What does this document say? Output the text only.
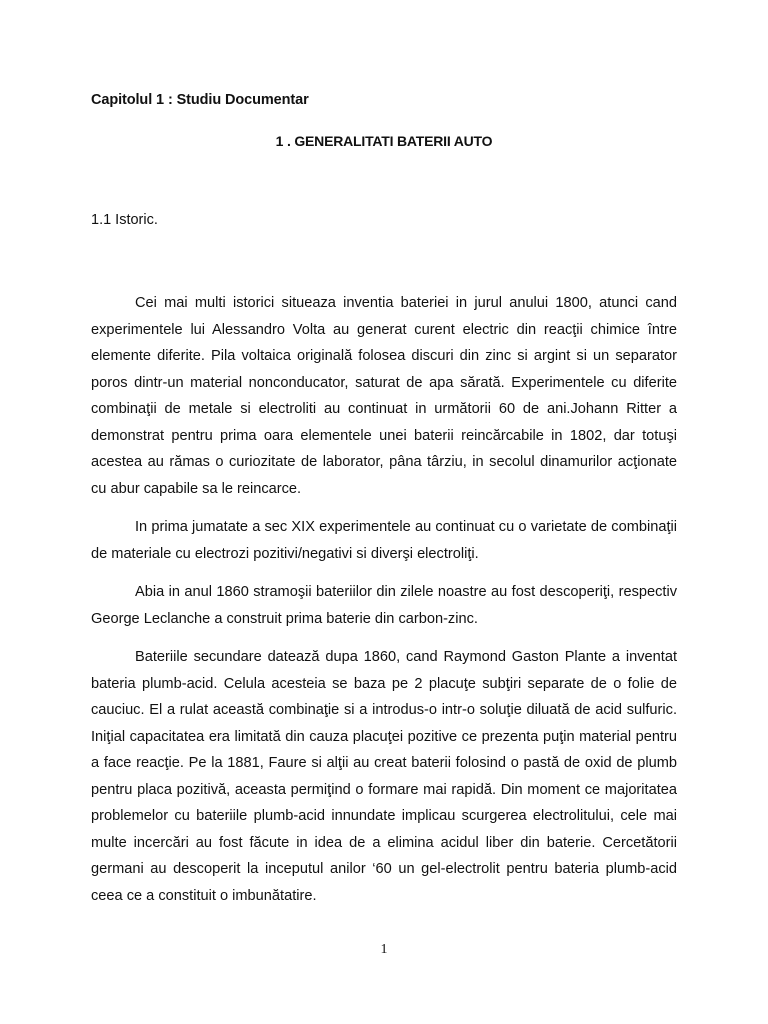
Capitolul 1 : Studiu Documentar
1 . GENERALITATI BATERII AUTO
1.1 Istoric.

Cei mai multi istorici situeaza inventia bateriei in jurul anului 1800, atunci cand experimentele lui Alessandro Volta au generat curent electric din reacţii chimice între elemente diferite. Pila voltaica originală folosea discuri din zinc si argint si un separator poros dintr-un material nonconducator, saturat de apa sărată. Experimentele cu diferite combinaţii de metale si electroliti au continuat in următorii 60 de ani.Johann Ritter a demonstrat pentru prima oara elementele unei baterii reincărcabile in 1802, dar totuşi acestea au rămas o curiozitate de laborator, pâna târziu, in secolul dinamurilor acţionate cu abur capabile sa le reincarce.

In prima jumatate a sec XIX experimentele au continuat cu o varietate de combinaţii de materiale cu electrozi pozitivi/negativi si diverşi electroliţi.

Abia in anul 1860 stramoşii bateriilor din zilele noastre au fost descoperiţi, respectiv George Leclanche a construit prima baterie din carbon-zinc.

Bateriile secundare datează dupa 1860, cand Raymond Gaston Plante a inventat bateria plumb-acid. Celula acesteia se baza pe 2 placuţe subţiri separate de o folie de cauciuc. El a rulat această combinaţie si a introdus-o intr-o soluţie diluată de acid sulfuric. Iniţial capacitatea era limitată din cauza placuţei pozitive ce prezenta puţin material pentru a face reacţie. Pe la 1881, Faure si alţii au creat baterii folosind o pastă de oxid de plumb pentru placa pozitivă, aceasta permiţind o formare mai rapidă. Din moment ce majoritatea problemelor cu bateriile plumb-acid innundate implicau scurgerea electrolitului, cele mai multe incercări au fost făcute in idea de a elimina acidul liber din baterie. Cercetătorii germani au descoperit la inceputul anilor ‘60 un gel-electrolit pentru bateria plumb-acid ceea ce a constituit o imbunătatire.

1
